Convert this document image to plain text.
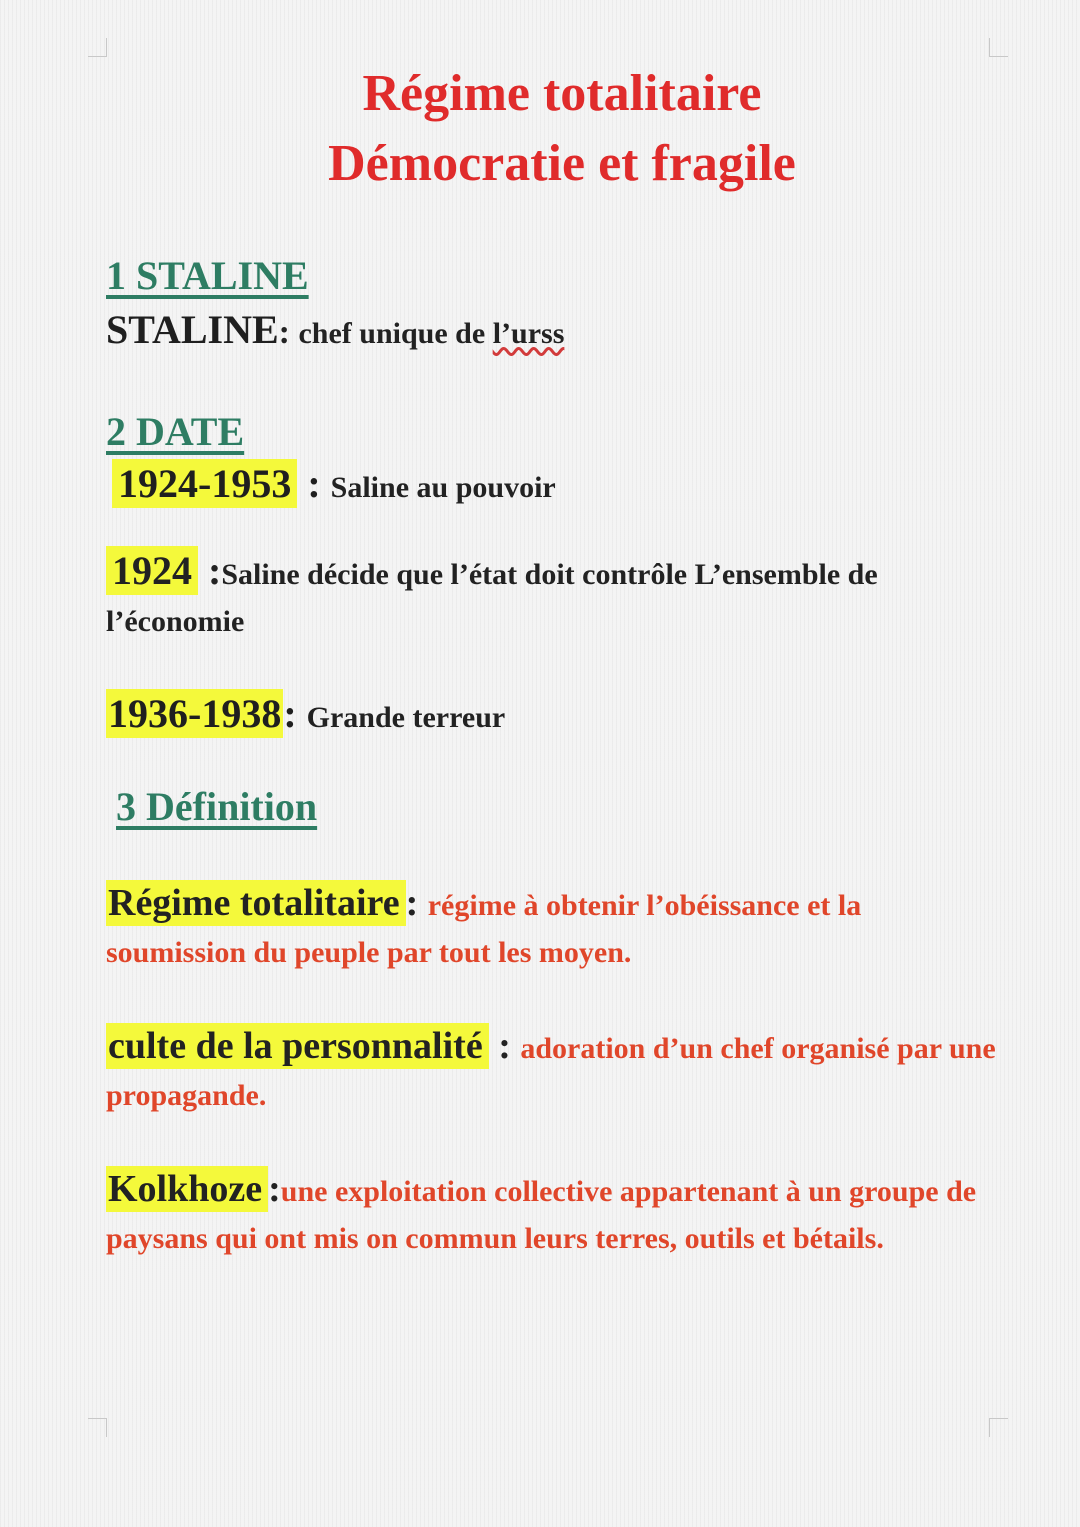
Régime totalitaire
Démocratie et fragile
1 STALINE
STALINE: chef unique de l’urss
2 DATE
1924-1953 : Saline au pouvoir
1924 :Saline décide que l’état doit contrôle L’ensemble de l’économie
1936-1938: Grande terreur
3 Définition
Régime totalitaire : régime à obtenir l’obéissance et la soumission du peuple par tout les moyen.
culte de la personnalité : adoration d’un chef organisé par une propagande.
Kolkhoze :une exploitation collective appartenant à un groupe de paysans qui ont mis on commun leurs terres, outils et bétails.
